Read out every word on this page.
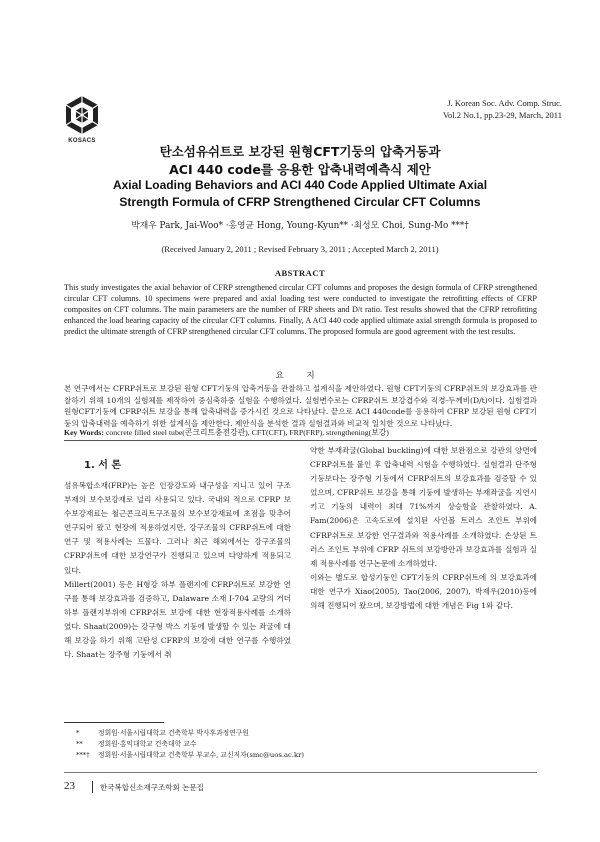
KOSACS
J. Korean Soc. Adv. Comp. Struc.
Vol.2 No.1, pp.23-29, March, 2011
탄소섬유쉬트로 보강된 원형CFT기둥의 압축거동과
ACI 440 code를 응용한 압축내력예측식 제안
Axial Loading Behaviors and ACI 440 Code Applied Ultimate Axial
Strength Formula of CFRP Strengthened Circular CFT Columns
박재우 Park, Jai-Woo* ·홍영균 Hong, Young-Kyun** ·최성모 Choi, Sung-Mo ***†
(Received January 2, 2011 ; Revised February 3, 2011 ; Accepted March 2, 2011)
ABSTRACT
This study investigates the axial behavior of CFRP strengthened circular CFT columns and proposes the design formula of CFRP strengthened circular CFT columns. 10 specimens were prepared and axial loading test were conducted to investigate the retrofitting effects of CFRP composites on CFT columns. The main parameters are the number of FRP sheets and D/t ratio. Test results showed that the CFRP retrofitting enhanced the load bearing capacity of the circular CFT columns. Finally, A ACI 440 code applied ultimate axial strength formula is proposed to predict the ultimate strength of CFRP strengthened circular CFT columns. The proposed formula are good agreement with the test results.
요 지
본 연구에서는 CFRP쉬트로 보강된 원형 CFT기둥의 압축거동을 관찰하고 설계식을 제안하였다. 원형 CFT기둥의 CFRP쉬트의 보강효과를 관찰하기 위해 10개의 실험체를 제작하여 중심축하중 실험을 수행하였다. 실험변수로는 CFRP쉬트 보강겹수와 직경-두께비(D/t)이다. 실험결과 원형CFT기둥에 CFRP쉬트 보강을 통해 압축내력을 증가시킨 것으로 나타났다. 끝으로 ACI 440code를 응용하여 CFRP 보강된 원형 CFT기둥의 압축내력을 예측하기 위한 설계식을 제안한다. 제안식을 분석한 결과 실험결과와 비교적 일치한 것으로 나타났다.
Key Words: concrete filled steel tube(콘크리트충전강관), CFT(CFT), FRP(FRP), strengthening(보강)
1. 서 론

섬유복합소재(FRP)는 높은 인장강도와 내구성을 지니고 있어 구조부재의 보수보강재로 널리 사용되고 있다. 국내외 적으로 CFRP 보수보강재료는 철근콘크리트구조물의 보수보강재료에 초점을 맞추어 연구되어 왔고 현장에 적용하였지만, 강구조물의 CFRP쉬트에 대한 연구 및 적용사례는 드물다. 그러나 최근 해외에서는 강구조물의 CFRP쉬트에 대한 보강연구가 진행되고 있으며 다양하게 적용되고 있다.

Millert(2001) 등은 H형강 하부 플랜지에 CFRP쉬트로 보강한 연구를 통해 보강효과를 검증하고, Dalaware 소재 I-704 교량의 거더하부 플랜지부위에 CFRP쉬트 보강에 대한 현장적용사례를 소개하였다. Shaat(2009)는 강구형 박스 기둥에 발생할 수 있는 좌굴에 대해 보강을 하기 위해 고탄성 CFRP의 보강에 대한 연구를 수행하였다. Shaat는 장주형 기둥에서 취

약한 부재좌굴(Global buckling)에 대한 보완점으로 강관의 양면에 CFRP쉬트를 붙인 후 압축내력 시험을 수행하였다. 실험결과 단주형 기둥보다는 장주형 기둥에서 CFRP쉬트의 보강효과를 검증할 수 있었으며, CFRP쉬트 보강을 통해 기둥에 발생하는 부재좌굴을 지연시키고 기둥의 내력이 최대 71%까지 상승함을 관찰하였다. A. Fam(2006)은 고속도로에 설치된 사인볼 트러스 조인트 부위에 CFRP쉬트로 보강한 연구결과와 적용사례를 소개하였다. 손상된 트러스 조인트 부위에 CFRP 쉬트의 보강방안과 보강효과를 실험과 실제 적용사례를 연구논문에 소개하였다.

이와는 별도로 합성기둥인 CFT기둥의 CFRP쉬트에 의 보강효과에 대한 연구가 Xiao(2005), Tao(2006, 2007), 박재우(2010)등에 의해 진행되어 왔으며, 보강방법에 대한 개념은 Fig 1와 같다.

*	정회원·서울시립대학교 건축학부 박사후과정연구원
**	정회원·홍익대학교 건축대학 교수
***†	정회원·서울시립대학교 건축학부 부교수, 교신저자(smc@uos.ac.kr)
23	한국복합신소재구조학회 논문집
